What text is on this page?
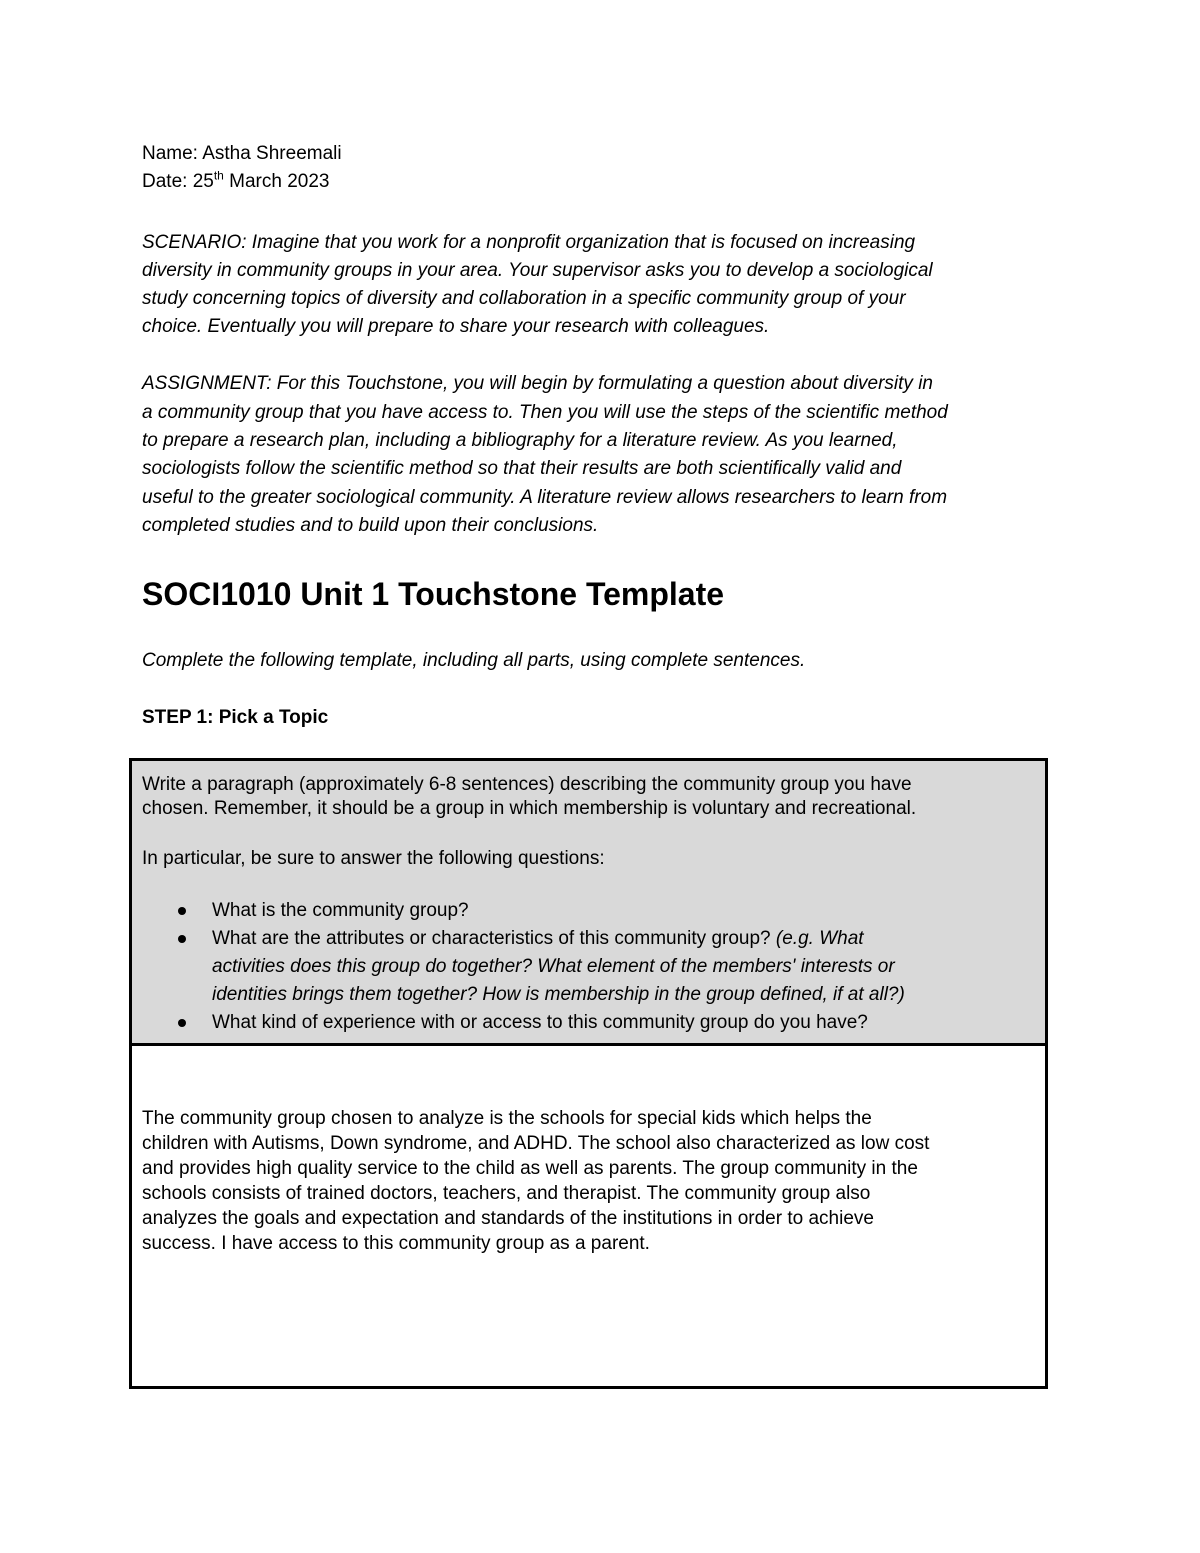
Name: Astha Shreemali
Date: 25th March 2023
SCENARIO: Imagine that you work for a nonprofit organization that is focused on increasing
diversity in community groups in your area. Your supervisor asks you to develop a sociological
study concerning topics of diversity and collaboration in a specific community group of your
choice. Eventually you will prepare to share your research with colleagues.
ASSIGNMENT: For this Touchstone, you will begin by formulating a question about diversity in
a community group that you have access to. Then you will use the steps of the scientific method
to prepare a research plan, including a bibliography for a literature review. As you learned,
sociologists follow the scientific method so that their results are both scientifically valid and
useful to the greater sociological community. A literature review allows researchers to learn from
completed studies and to build upon their conclusions.
SOCI1010 Unit 1 Touchstone Template
Complete the following template, including all parts, using complete sentences.
STEP 1: Pick a Topic
Write a paragraph (approximately 6-8 sentences) describing the community group you have
chosen. Remember, it should be a group in which membership is voluntary and recreational.
In particular, be sure to answer the following questions:
What is the community group?
What are the attributes or characteristics of this community group? (e.g. What
activities does this group do together? What element of the members' interests or
identities brings them together? How is membership in the group defined, if at all?)
What kind of experience with or access to this community group do you have?
The community group chosen to analyze is the schools for special kids which helps the
children with Autisms, Down syndrome, and ADHD. The school also characterized as low cost
and provides high quality service to the child as well as parents. The group community in the
schools consists of trained doctors, teachers, and therapist. The community group also
analyzes the goals and expectation and standards of the institutions in order to achieve
success. I have access to this community group as a parent.
